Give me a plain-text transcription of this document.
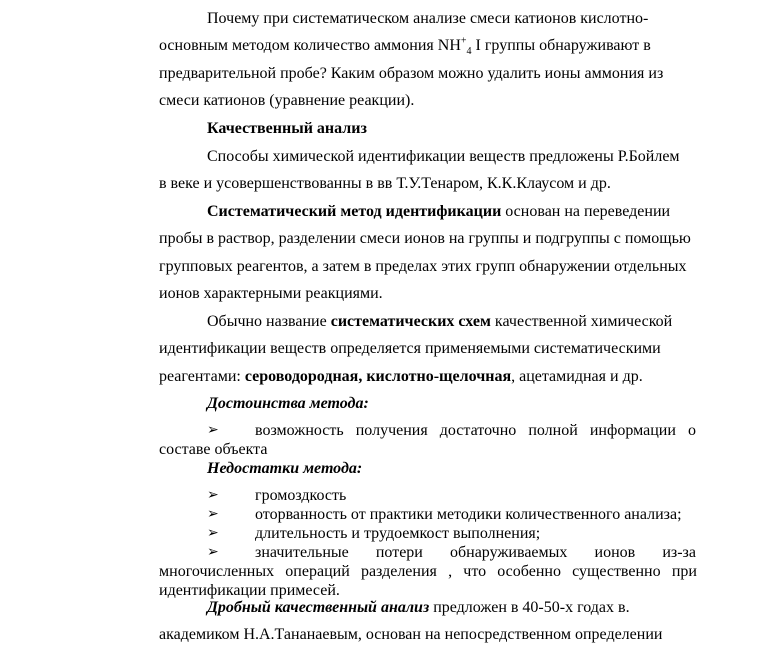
Почему при систематическом анализе смеси катионов кислотно-
основным методом количество аммония $NH^+_4$ I группы обнаруживают в
предварительной пробе? Каким образом можно удалить ионы аммония из
смеси катионов (уравнение реакции).
Качественный анализ
Способы химической идентификации веществ предложены Р.Бойлем
в веке и усовершенствованны в вв Т.У.Тенаром, К.К.Клаусом и др.
Систематический метод идентификации основан на переведении
пробы в раствор, разделении смеси ионов на группы и подгруппы с помощью
групповых реагентов, а затем в пределах этих групп обнаружении отдельных
ионов характерными реакциями.
Обычно название систематических схем качественной химической
идентификации веществ определяется применяемыми систематическими
реагентами: сероводородная, кислотно-щелочная, ацетамидная и др.
Достоинства метода:
➢ возможность получения достаточно полной информации о
составе объекта
Недостатки метода:
➢ громоздкость
➢ оторванность от практики методики количественного анализа;
➢ длительность и трудоемкост выполнения;
➢ значительные потери обнаруживаемых ионов из-за
многочисленных операций разделения , что особенно существенно при
идентификации примесей.
Дробный качественный анализ предложен в 40-50-х годах в.
академиком Н.А.Тананаевым, основан на непосредственном определении
